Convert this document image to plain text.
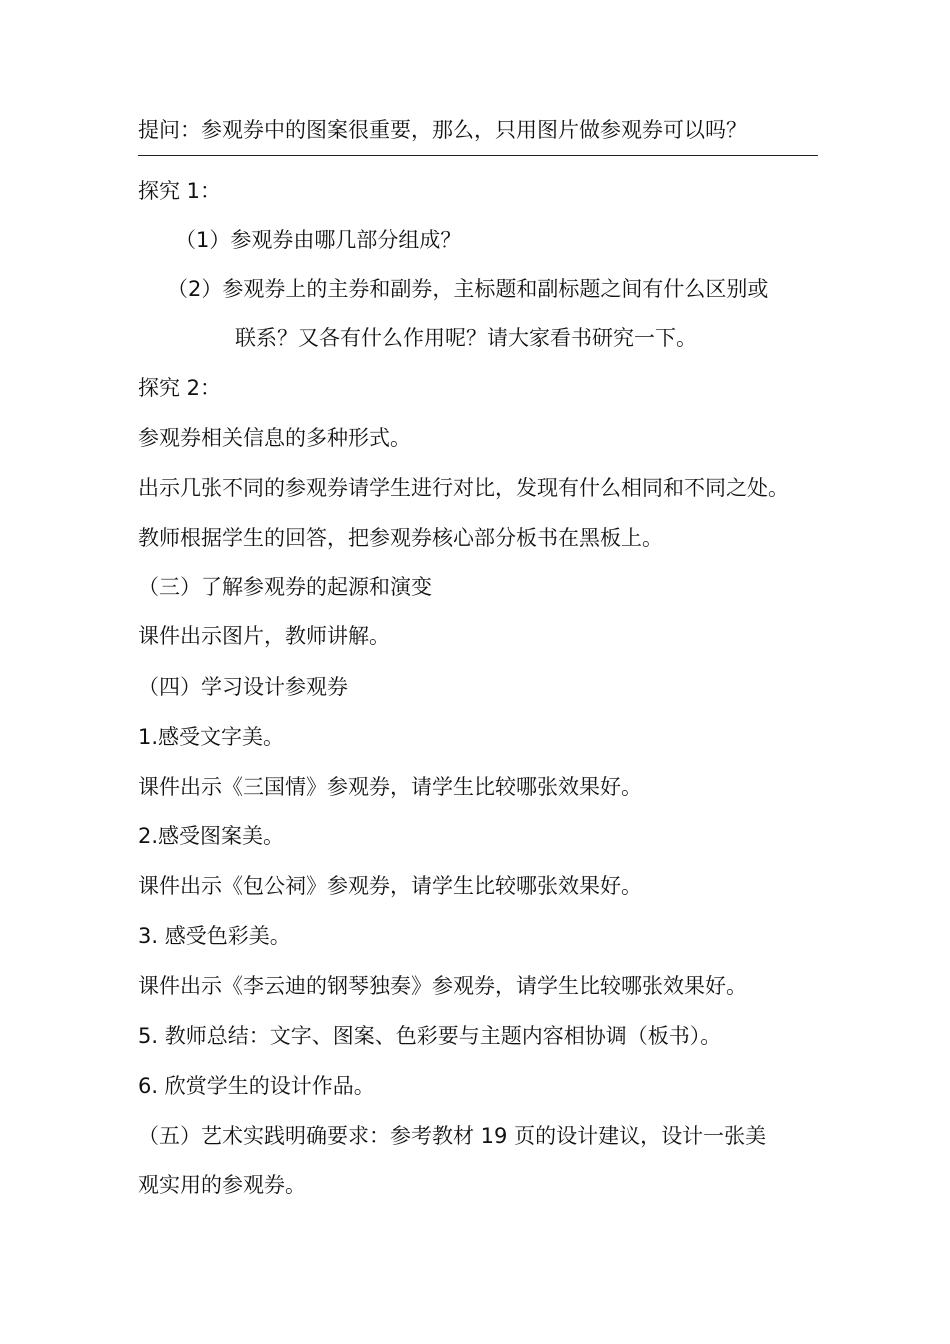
提问：参观券中的图案很重要，那么，只用图片做参观券可以吗？
探究 1：
（1）参观券由哪几部分组成？
（2）参观券上的主券和副券，主标题和副标题之间有什么区别或
联系？又各有什么作用呢？请大家看书研究一下。
探究 2：
参观券相关信息的多种形式。
出示几张不同的参观券请学生进行对比，发现有什么相同和不同之处。
教师根据学生的回答，把参观券核心部分板书在黑板上。
（三）了解参观券的起源和演变
课件出示图片，教师讲解。
（四）学习设计参观券
1.感受文字美。
课件出示《三国情》参观券，请学生比较哪张效果好。
2.感受图案美。
课件出示《包公祠》参观券，请学生比较哪张效果好。
3. 感受色彩美。
课件出示《李云迪的钢琴独奏》参观券，请学生比较哪张效果好。
5. 教师总结：文字、图案、色彩要与主题内容相协调（板书）。
6. 欣赏学生的设计作品。
（五）艺术实践明确要求：参考教材 19 页的设计建议，设计一张美
观实用的参观券。
